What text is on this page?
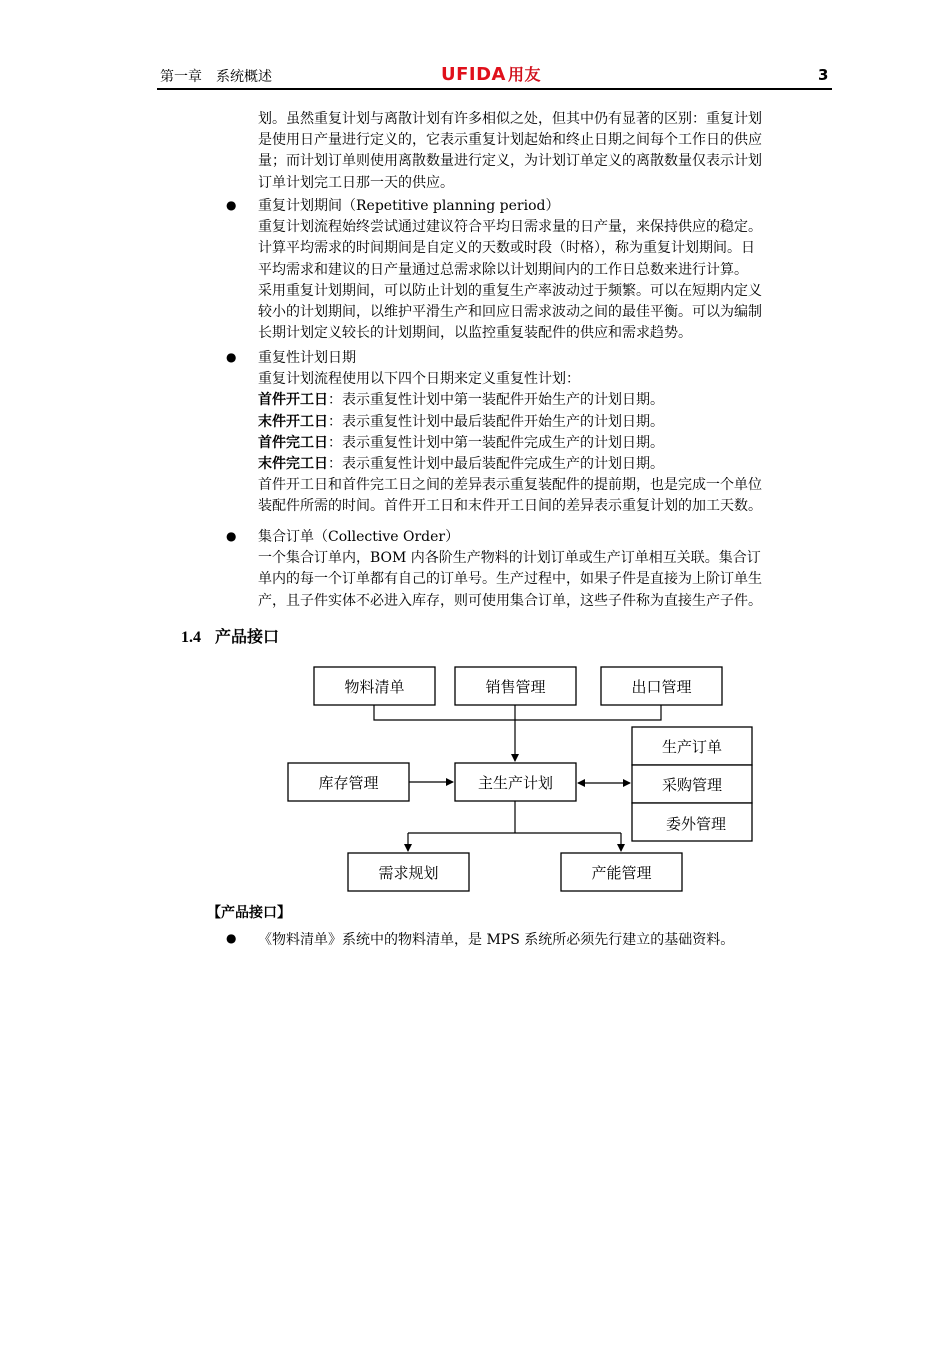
第一章 系统概述	UFIDA 用友	3
划。虽然重复计划与离散计划有许多相似之处，但其中仍有显著的区别：重复计划
是使用日产量进行定义的，它表示重复计划起始和终止日期之间每个工作日的供应
量；而计划订单则使用离散数量进行定义，为计划订单定义的离散数量仅表示计划
订单计划完工日那一天的供应。
● 重复计划期间（Repetitive planning period）
重复计划流程始终尝试通过建议符合平均日需求量的日产量，来保持供应的稳定。
计算平均需求的时间期间是自定义的天数或时段（时格），称为重复计划期间。日
平均需求和建议的日产量通过总需求除以计划期间内的工作日总数来进行计算。
采用重复计划期间，可以防止计划的重复生产率波动过于频繁。可以在短期内定义
较小的计划期间，以维护平滑生产和回应日需求波动之间的最佳平衡。可以为编制
长期计划定义较长的计划期间，以监控重复装配件的供应和需求趋势。
● 重复性计划日期
重复计划流程使用以下四个日期来定义重复性计划：
首件开工日：表示重复性计划中第一装配件开始生产的计划日期。
末件开工日：表示重复性计划中最后装配件开始生产的计划日期。
首件完工日：表示重复性计划中第一装配件完成生产的计划日期。
末件完工日：表示重复性计划中最后装配件完成生产的计划日期。
首件开工日和首件完工日之间的差异表示重复装配件的提前期，也是完成一个单位
装配件所需的时间。首件开工日和末件开工日间的差异表示重复计划的加工天数。
● 集合订单（Collective Order）
一个集合订单内，BOM 内各阶生产物料的计划订单或生产订单相互关联。集合订
单内的每一个订单都有自己的订单号。生产过程中，如果子件是直接为上阶订单生
产，且子件实体不必进入库存，则可使用集合订单，这些子件称为直接生产子件。
1.4 产品接口
物料清单	销售管理	出口管理
库存管理	主生产计划
生产订单
采购管理
委外管理
需求规划	产能管理
【产品接口】
● 《物料清单》系统中的物料清单，是 MPS 系统所必须先行建立的基础资料。
